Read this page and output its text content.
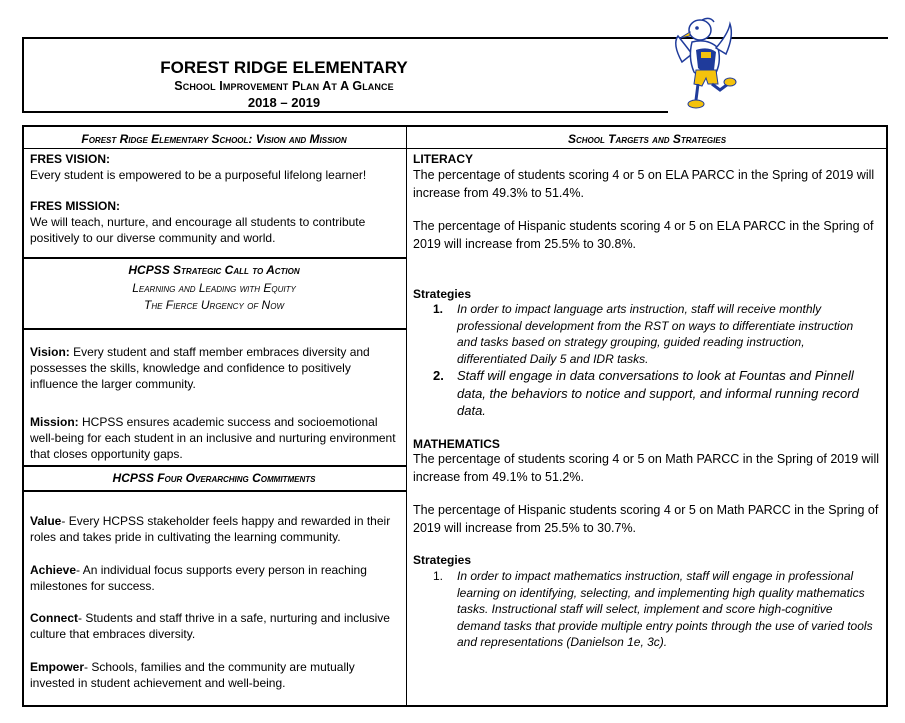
FOREST RIDGE ELEMENTARY
School Improvement Plan At A Glance
2018 – 2019
Forest Ridge Elementary School: Vision and Mission
FRES VISION:
Every student is empowered to be a purposeful lifelong learner!
FRES MISSION:
We will teach, nurture, and encourage all students to contribute positively to our diverse community and world.
HCPSS Strategic Call to Action
Learning and Leading with Equity
The Fierce Urgency of Now
Vision: Every student and staff member embraces diversity and possesses the skills, knowledge and confidence to positively influence the larger community.
Mission: HCPSS ensures academic success and socioemotional well-being for each student in an inclusive and nurturing environment that closes opportunity gaps.
HCPSS Four Overarching Commitments
Value- Every HCPSS stakeholder feels happy and rewarded in their roles and takes pride in cultivating the learning community.
Achieve- An individual focus supports every person in reaching milestones for success.
Connect- Students and staff thrive in a safe, nurturing and inclusive culture that embraces diversity.
Empower- Schools, families and the community are mutually invested in student achievement and well-being.
School Targets and Strategies
LITERACY
The percentage of students scoring 4 or 5 on ELA PARCC in the Spring of 2019 will increase from 49.3% to 51.4%.
The percentage of Hispanic students scoring 4 or 5 on ELA PARCC in the Spring of 2019 will increase from 25.5% to 30.8%.
Strategies
1. In order to impact language arts instruction, staff will receive monthly professional development from the RST on ways to differentiate instruction and tasks based on strategy grouping, guided reading instruction, differentiated Daily 5 and IDR tasks.
2. Staff will engage in data conversations to look at Fountas and Pinnell data, the behaviors to notice and support, and informal running record data.
MATHEMATICS
The percentage of students scoring 4 or 5 on Math PARCC in the Spring of 2019 will increase from 49.1% to 51.2%.
The percentage of Hispanic students scoring 4 or 5 on Math PARCC in the Spring of 2019 will increase from 25.5% to 30.7%.
Strategies
1. In order to impact mathematics instruction, staff will engage in professional learning on identifying, selecting, and implementing high quality mathematics tasks. Instructional staff will select, implement and score high-cognitive demand tasks that provide multiple entry points through the use of varied tools and representations (Danielson 1e, 3c).
